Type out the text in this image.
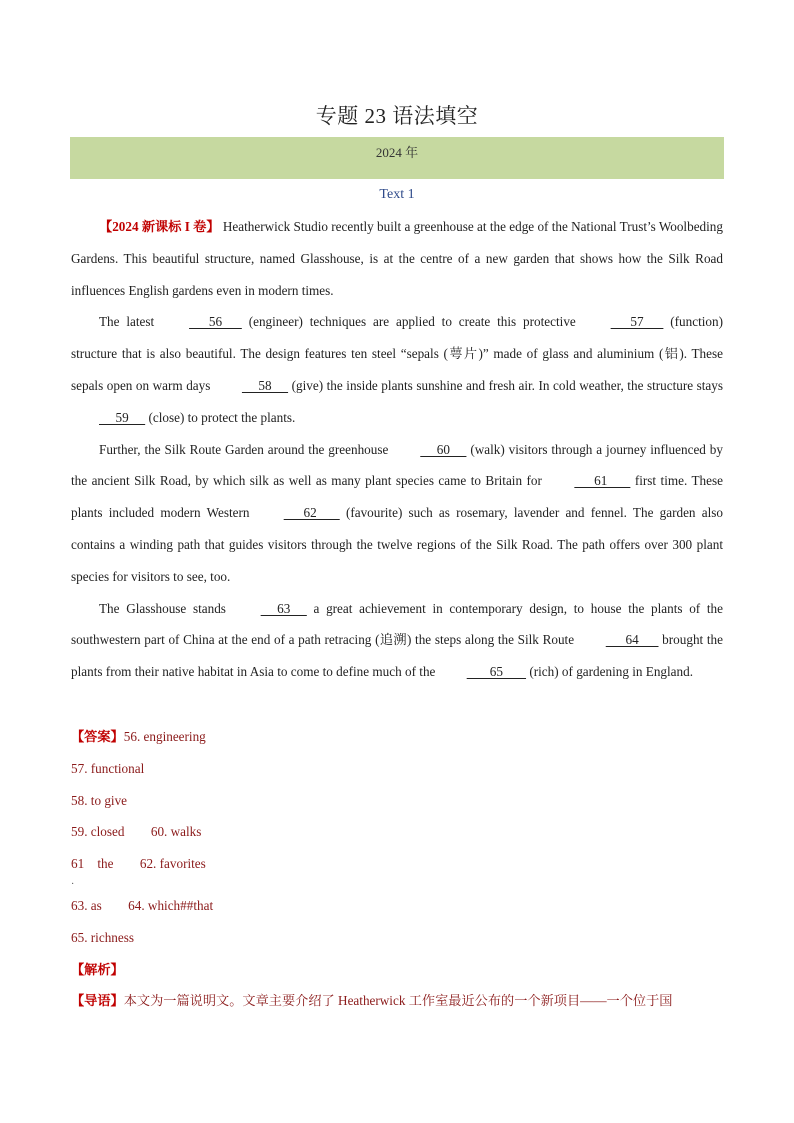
专题 23 语法填空
2024 年
Text 1

【2024 新课标 I 卷】 Heatherwick Studio recently built a greenhouse at the edge of the National Trust’s Woolbeding Gardens. This beautiful structure, named Glasshouse, is at the centre of a new garden that shows how the Silk Road influences English gardens even in modern times.

The latest       56       (engineer) techniques are applied to create this protective       57       (function) structure that is also beautiful. The design features ten steel “sepals (萼片)” made of glass and aluminium (铝). These sepals open on warm days      58      (give) the inside plants sunshine and fresh air. In cold weather, the structure stays      59      (close) to protect the plants.

Further, the Silk Route Garden around the greenhouse      60      (walk) visitors through a journey influenced by the ancient Silk Road, by which silk as well as many plant species came to Britain for       61        first time. These plants included modern Western       62        (favourite) such as rosemary, lavender and fennel. The garden also contains a winding path that guides visitors through the twelve regions of the Silk Road. The path offers over 300 plant species for visitors to see, too.

The Glasshouse stands      63      a great achievement in contemporary design, to house the plants of the southwestern part of China at the end of a path retracing (追溯) the steps along the Silk Route       64       brought the plants from their native habitat in Asia to come to define much of the        65        (rich) of gardening in England.

【答案】56. engineering
57. functional
58. to give
59. closed        60. walks
61    the        62. favorites
·
63. as        64. which##that
65. richness
【解析】
【导语】本文为一篇说明文。文章主要介绍了 Heatherwick 工作室最近公布的一个新项目——一个位于国
